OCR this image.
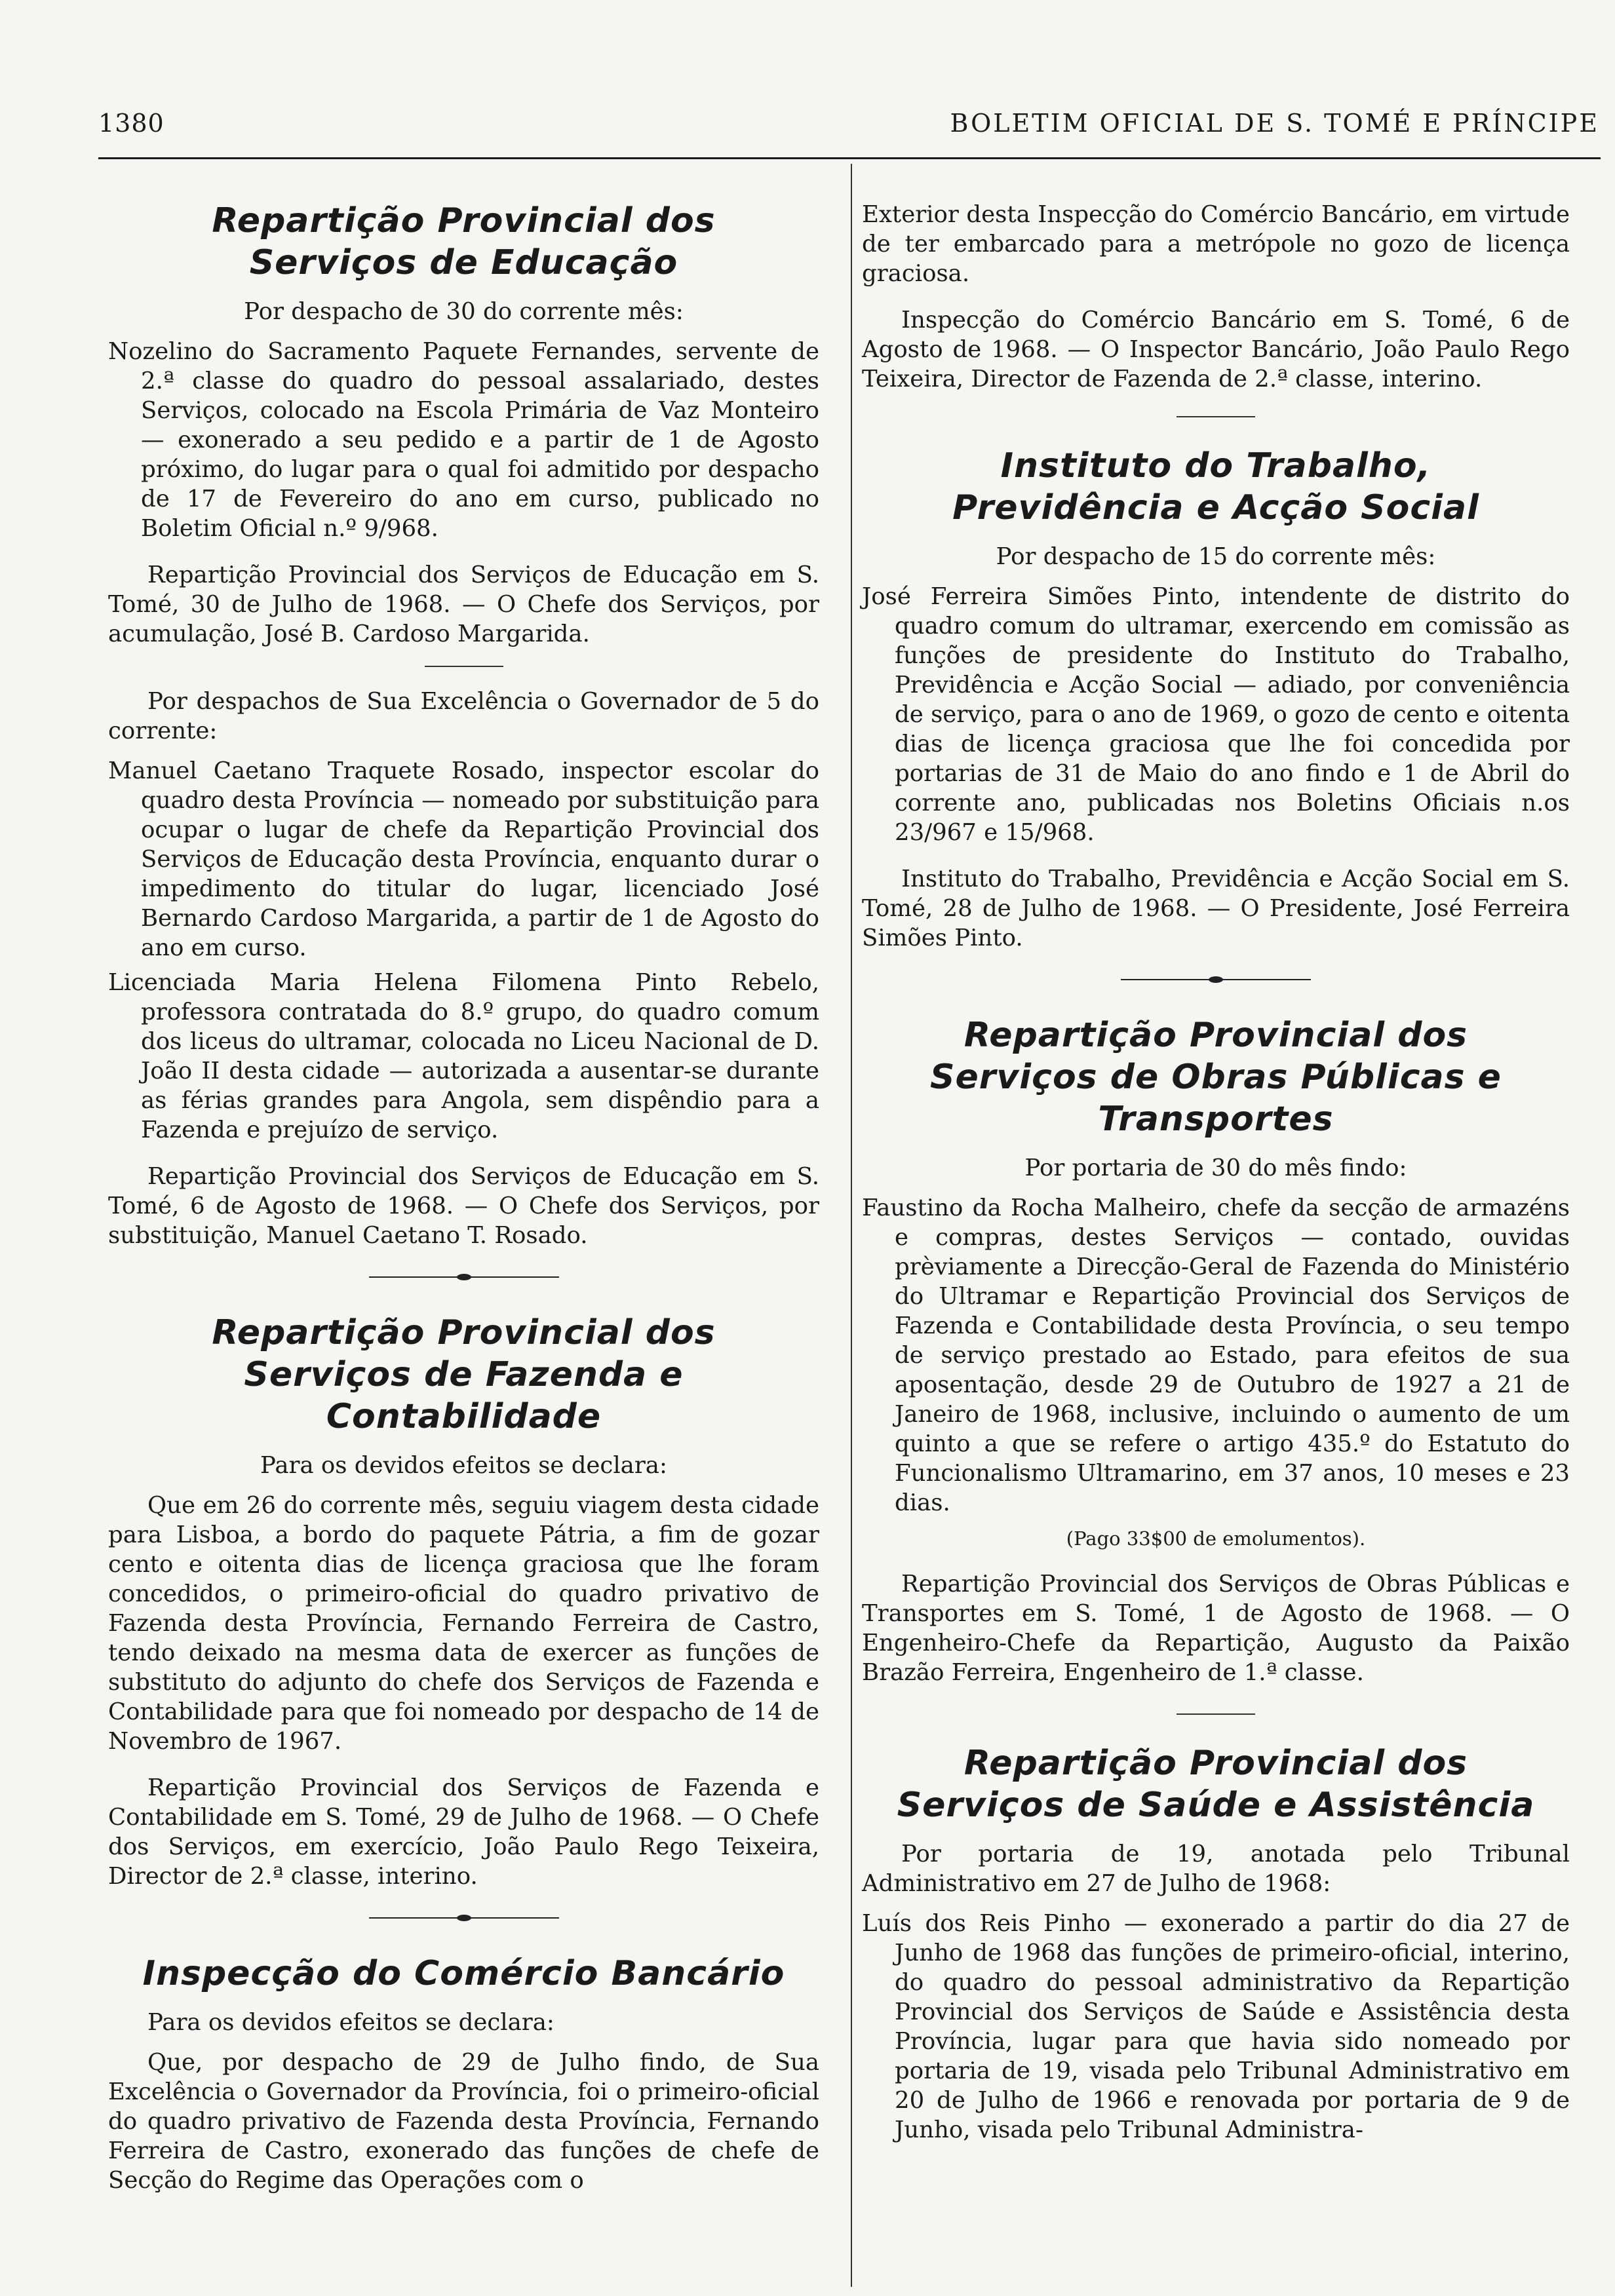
1380	BOLETIM OFICIAL DE S. TOMÉ E PRÍNCIPE
Repartição Provincial dos Serviços de Educação

Por despacho de 30 do corrente mês:

Nozelino do Sacramento Paquete Fernandes, servente de 2.ª classe do quadro do pessoal assalariado, destes Serviços, colocado na Escola Primária de Vaz Monteiro — exonerado a seu pedido e a partir de 1 de Agosto próximo, do lugar para o qual foi admitido por despacho de 17 de Fevereiro do ano em curso, publicado no Boletim Oficial n.º 9/968.

Repartição Provincial dos Serviços de Educação em S. Tomé, 30 de Julho de 1968. — O Chefe dos Serviços, por acumulação, José B. Cardoso Margarida.

Por despachos de Sua Excelência o Governador de 5 do corrente:

Manuel Caetano Traquete Rosado, inspector escolar do quadro desta Província — nomeado por substituição para ocupar o lugar de chefe da Repartição Provincial dos Serviços de Educação desta Província, enquanto durar o impedimento do titular do lugar, licenciado José Bernardo Cardoso Margarida, a partir de 1 de Agosto do ano em curso.

Licenciada Maria Helena Filomena Pinto Rebelo, professora contratada do 8.º grupo, do quadro comum dos liceus do ultramar, colocada no Liceu Nacional de D. João II desta cidade — autorizada a ausentar-se durante as férias grandes para Angola, sem dispêndio para a Fazenda e prejuízo de serviço.

Repartição Provincial dos Serviços de Educação em S. Tomé, 6 de Agosto de 1968. — O Chefe dos Serviços, por substituição, Manuel Caetano T. Rosado.

Repartição Provincial dos Serviços de Fazenda e Contabilidade

Para os devidos efeitos se declara:

Que em 26 do corrente mês, seguiu viagem desta cidade para Lisboa, a bordo do paquete Pátria, a fim de gozar cento e oitenta dias de licença graciosa que lhe foram concedidos, o primeiro-oficial do quadro privativo de Fazenda desta Província, Fernando Ferreira de Castro, tendo deixado na mesma data de exercer as funções de substituto do adjunto do chefe dos Serviços de Fazenda e Contabilidade para que foi nomeado por despacho de 14 de Novembro de 1967.

Repartição Provincial dos Serviços de Fazenda e Contabilidade em S. Tomé, 29 de Julho de 1968. — O Chefe dos Serviços, em exercício, João Paulo Rego Teixeira, Director de 2.ª classe, interino.

Inspecção do Comércio Bancário

Para os devidos efeitos se declara:

Que, por despacho de 29 de Julho findo, de Sua Excelência o Governador da Província, foi o primeiro-oficial do quadro privativo de Fazenda desta Província, Fernando Ferreira de Castro, exonerado das funções de chefe de Secção do Regime das Operações com o

Exterior desta Inspecção do Comércio Bancário, em virtude de ter embarcado para a metrópole no gozo de licença graciosa.

Inspecção do Comércio Bancário em S. Tomé, 6 de Agosto de 1968. — O Inspector Bancário, João Paulo Rego Teixeira, Director de Fazenda de 2.ª classe, interino.

Instituto do Trabalho, Previdência e Acção Social

Por despacho de 15 do corrente mês:

José Ferreira Simões Pinto, intendente de distrito do quadro comum do ultramar, exercendo em comissão as funções de presidente do Instituto do Trabalho, Previdência e Acção Social — adiado, por conveniência de serviço, para o ano de 1969, o gozo de cento e oitenta dias de licença graciosa que lhe foi concedida por portarias de 31 de Maio do ano findo e 1 de Abril do corrente ano, publicadas nos Boletins Oficiais n.os 23/967 e 15/968.

Instituto do Trabalho, Previdência e Acção Social em S. Tomé, 28 de Julho de 1968. — O Presidente, José Ferreira Simões Pinto.

Repartição Provincial dos Serviços de Obras Públicas e Transportes

Por portaria de 30 do mês findo:

Faustino da Rocha Malheiro, chefe da secção de armazéns e compras, destes Serviços — contado, ouvidas prèviamente a Direcção-Geral de Fazenda do Ministério do Ultramar e Repartição Provincial dos Serviços de Fazenda e Contabilidade desta Província, o seu tempo de serviço prestado ao Estado, para efeitos de sua aposentação, desde 29 de Outubro de 1927 a 21 de Janeiro de 1968, inclusive, incluindo o aumento de um quinto a que se refere o artigo 435.º do Estatuto do Funcionalismo Ultramarino, em 37 anos, 10 meses e 23 dias.

(Pago 33$00 de emolumentos).

Repartição Provincial dos Serviços de Obras Públicas e Transportes em S. Tomé, 1 de Agosto de 1968. — O Engenheiro-Chefe da Repartição, Augusto da Paixão Brazão Ferreira, Engenheiro de 1.ª classe.

Repartição Provincial dos Serviços de Saúde e Assistência

Por portaria de 19, anotada pelo Tribunal Administrativo em 27 de Julho de 1968:

Luís dos Reis Pinho — exonerado a partir do dia 27 de Junho de 1968 das funções de primeiro-oficial, interino, do quadro do pessoal administrativo da Repartição Provincial dos Serviços de Saúde e Assistência desta Província, lugar para que havia sido nomeado por portaria de 19, visada pelo Tribunal Administrativo em 20 de Julho de 1966 e renovada por portaria de 9 de Junho, visada pelo Tribunal Administra-
